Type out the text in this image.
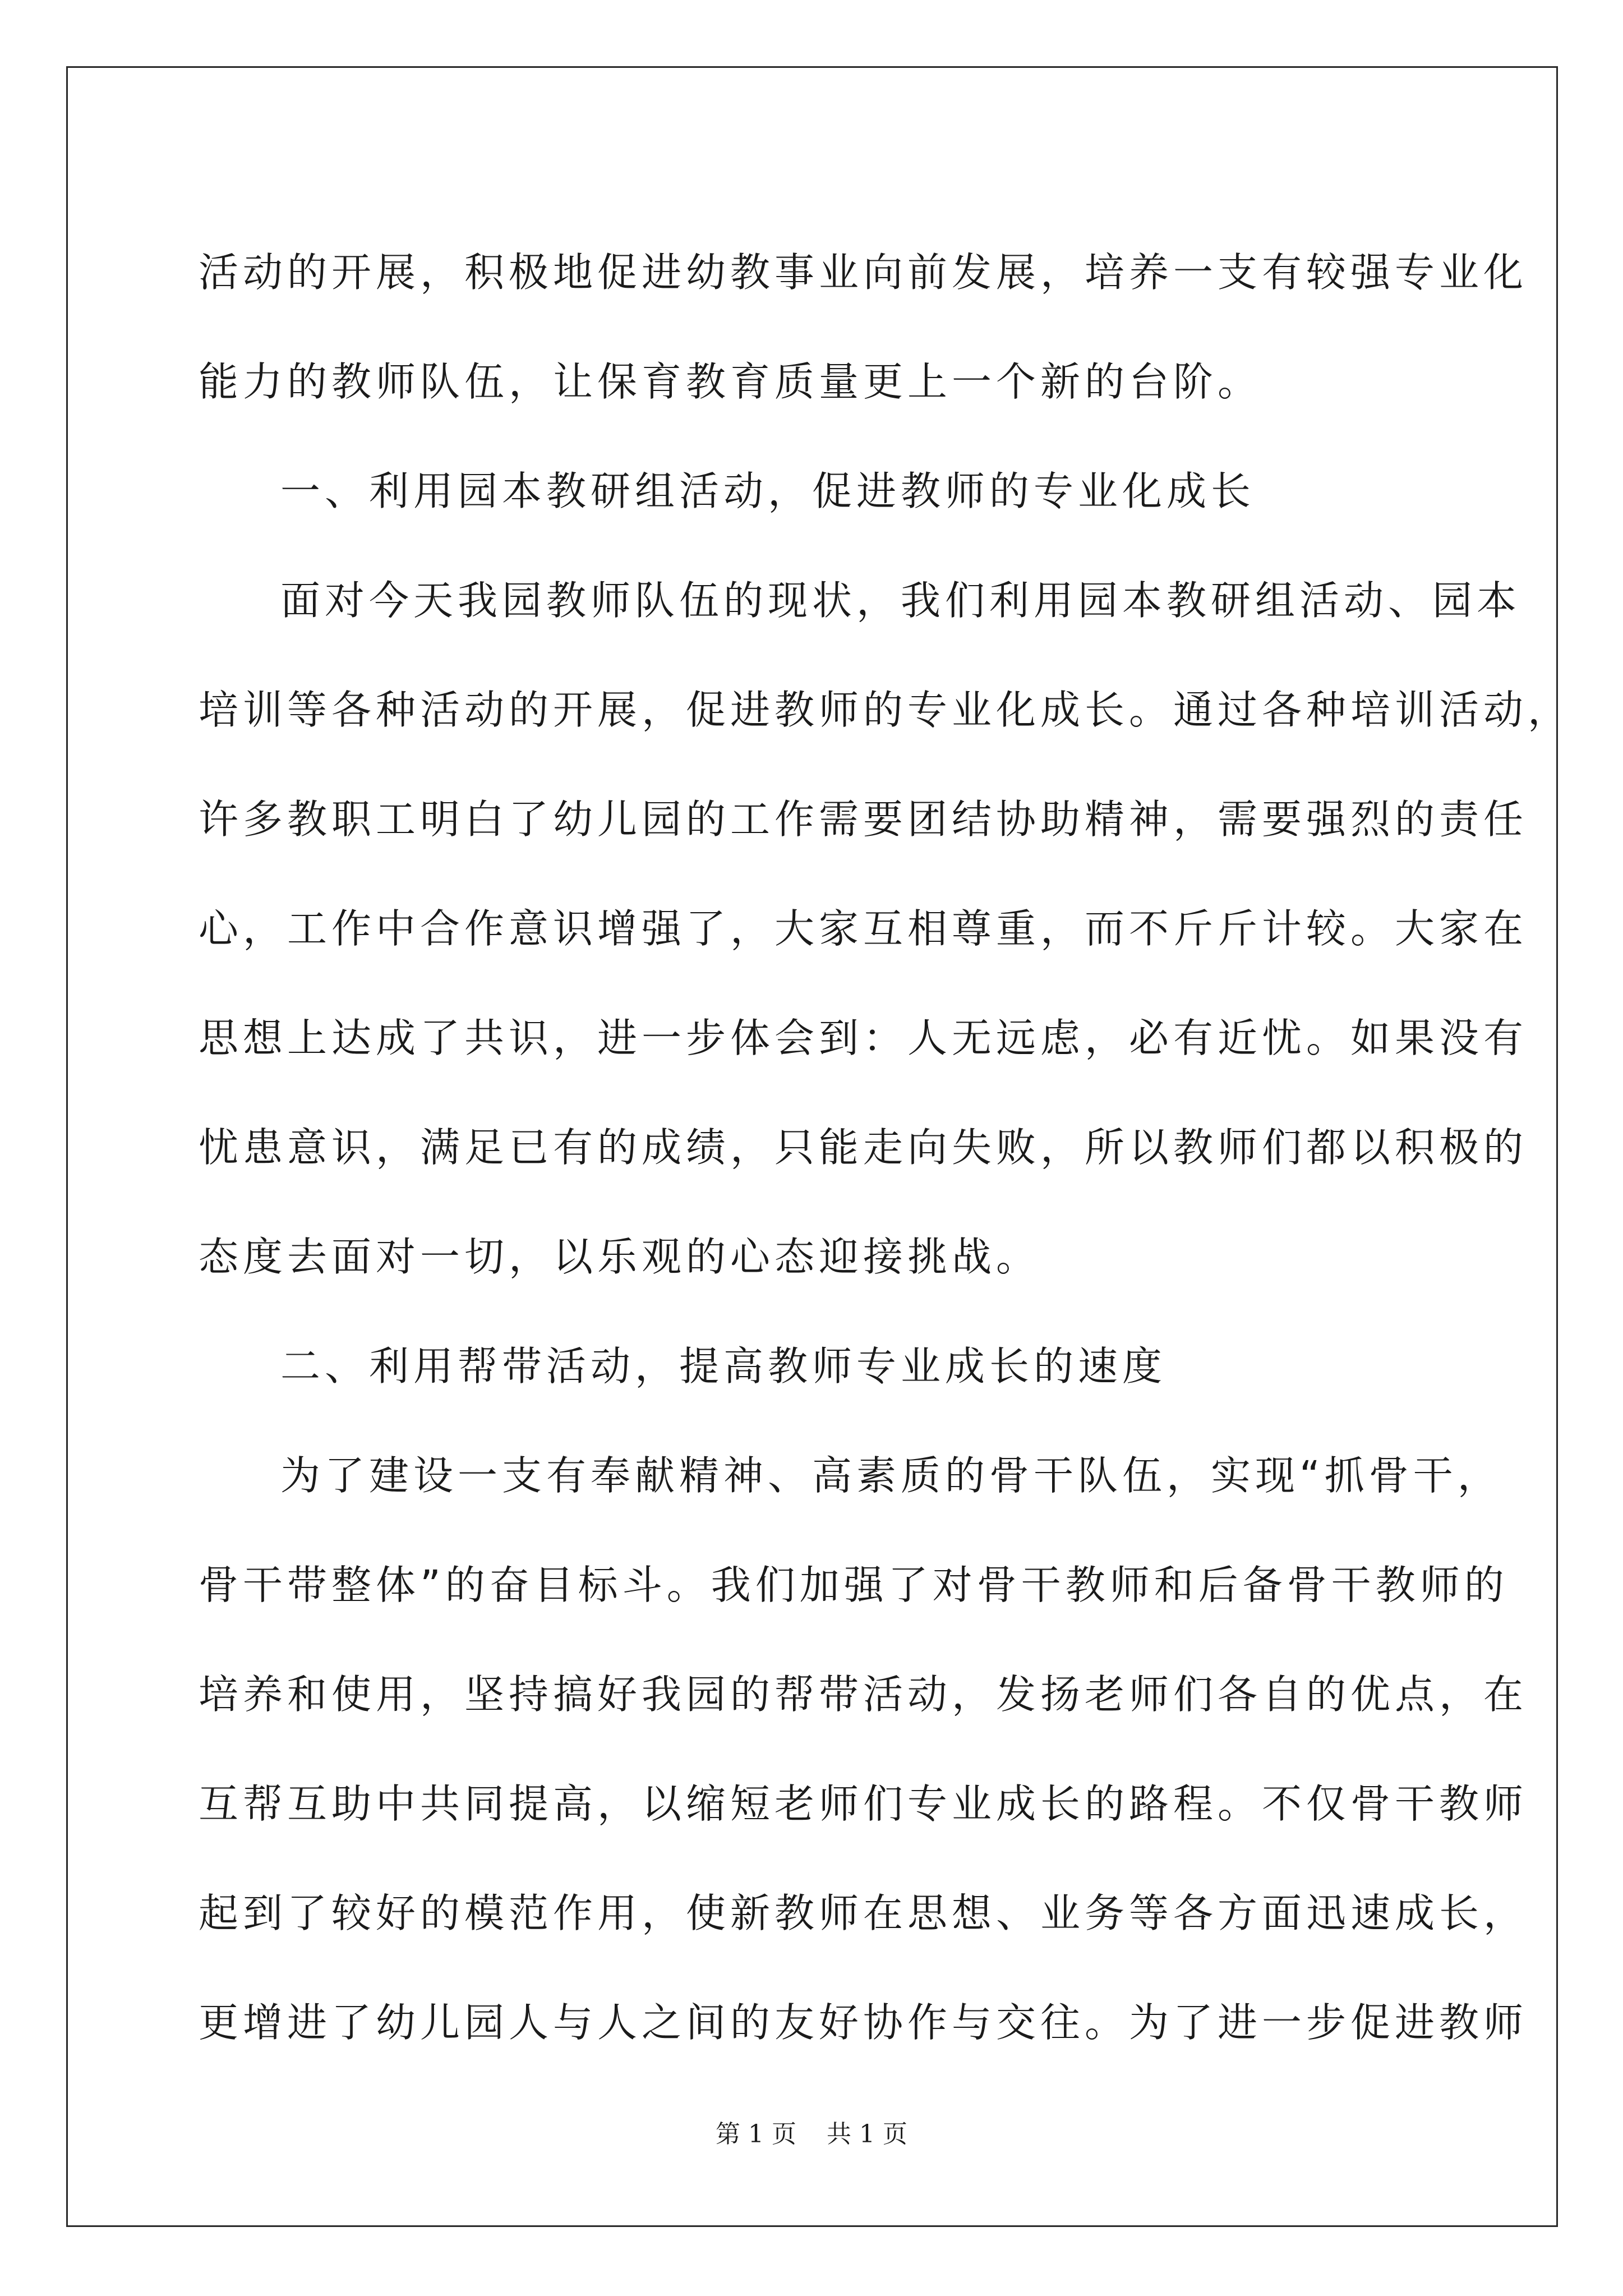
活动的开展，积极地促进幼教事业向前发展，培养一支有较强专业化
能力的教师队伍，让保育教育质量更上一个新的台阶。
一、利用园本教研组活动，促进教师的专业化成长
面对今天我园教师队伍的现状，我们利用园本教研组活动、园本
培训等各种活动的开展，促进教师的专业化成长。通过各种培训活动，
许多教职工明白了幼儿园的工作需要团结协助精神，需要强烈的责任
心，工作中合作意识增强了，大家互相尊重，而不斤斤计较。大家在
思想上达成了共识，进一步体会到：人无远虑，必有近忧。如果没有
忧患意识，满足已有的成绩，只能走向失败，所以教师们都以积极的
态度去面对一切，以乐观的心态迎接挑战。
二、利用帮带活动，提高教师专业成长的速度
为了建设一支有奉献精神、高素质的骨干队伍，实现“抓骨干，
骨干带整体”的奋目标斗。我们加强了对骨干教师和后备骨干教师的
培养和使用，坚持搞好我园的帮带活动，发扬老师们各自的优点，在
互帮互助中共同提高，以缩短老师们专业成长的路程。不仅骨干教师
起到了较好的模范作用，使新教师在思想、业务等各方面迅速成长，
更增进了幼儿园人与人之间的友好协作与交往。为了进一步促进教师
第 1 页 共 1 页
